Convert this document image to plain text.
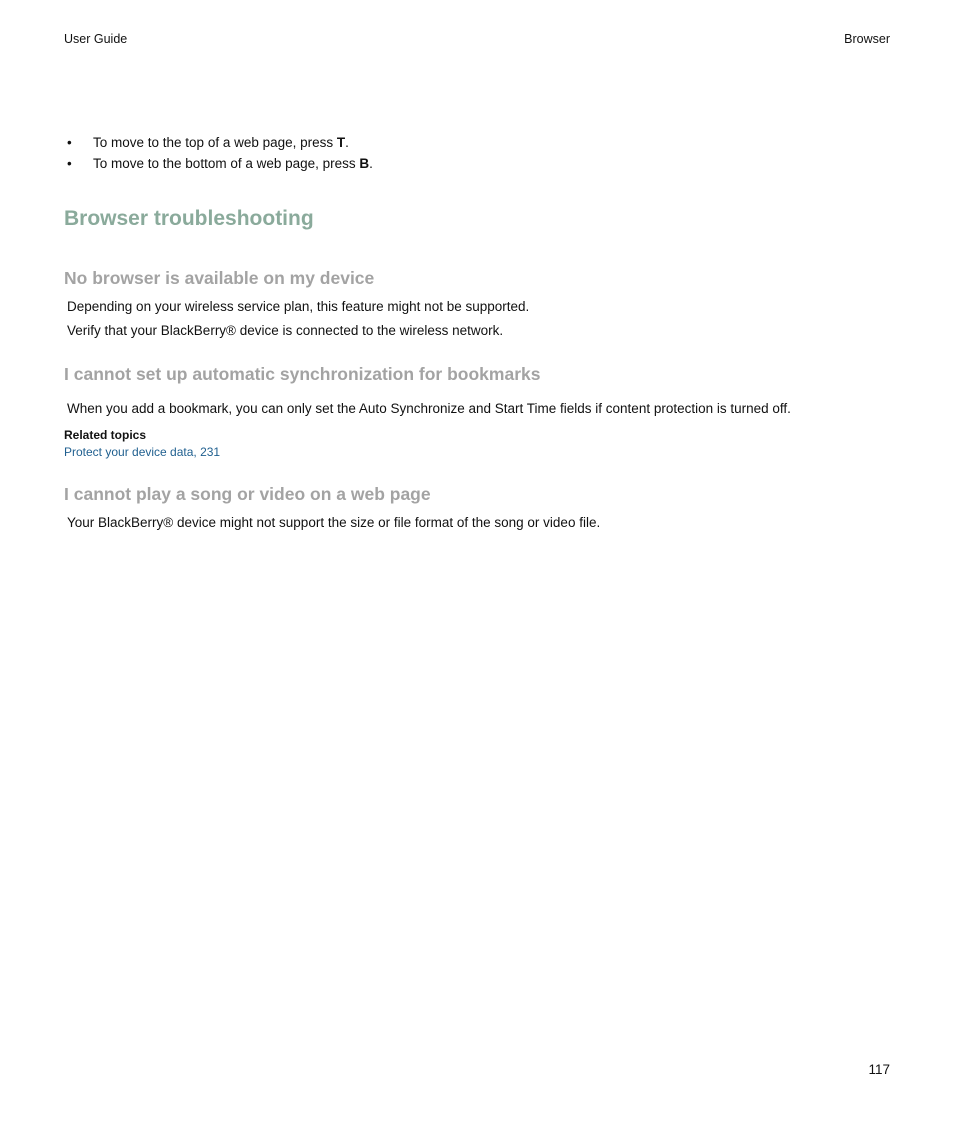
User Guide	Browser
• To move to the top of a web page, press T.
• To move to the bottom of a web page, press B.
Browser troubleshooting
No browser is available on my device

Depending on your wireless service plan, this feature might not be supported.

Verify that your BlackBerry® device is connected to the wireless network.

I cannot set up automatic synchronization for bookmarks

When you add a bookmark, you can only set the Auto Synchronize and Start Time fields if content protection is turned off.

Related topics
Protect your device data, 231
I cannot play a song or video on a web page

Your BlackBerry® device might not support the size or file format of the song or video file.

117
